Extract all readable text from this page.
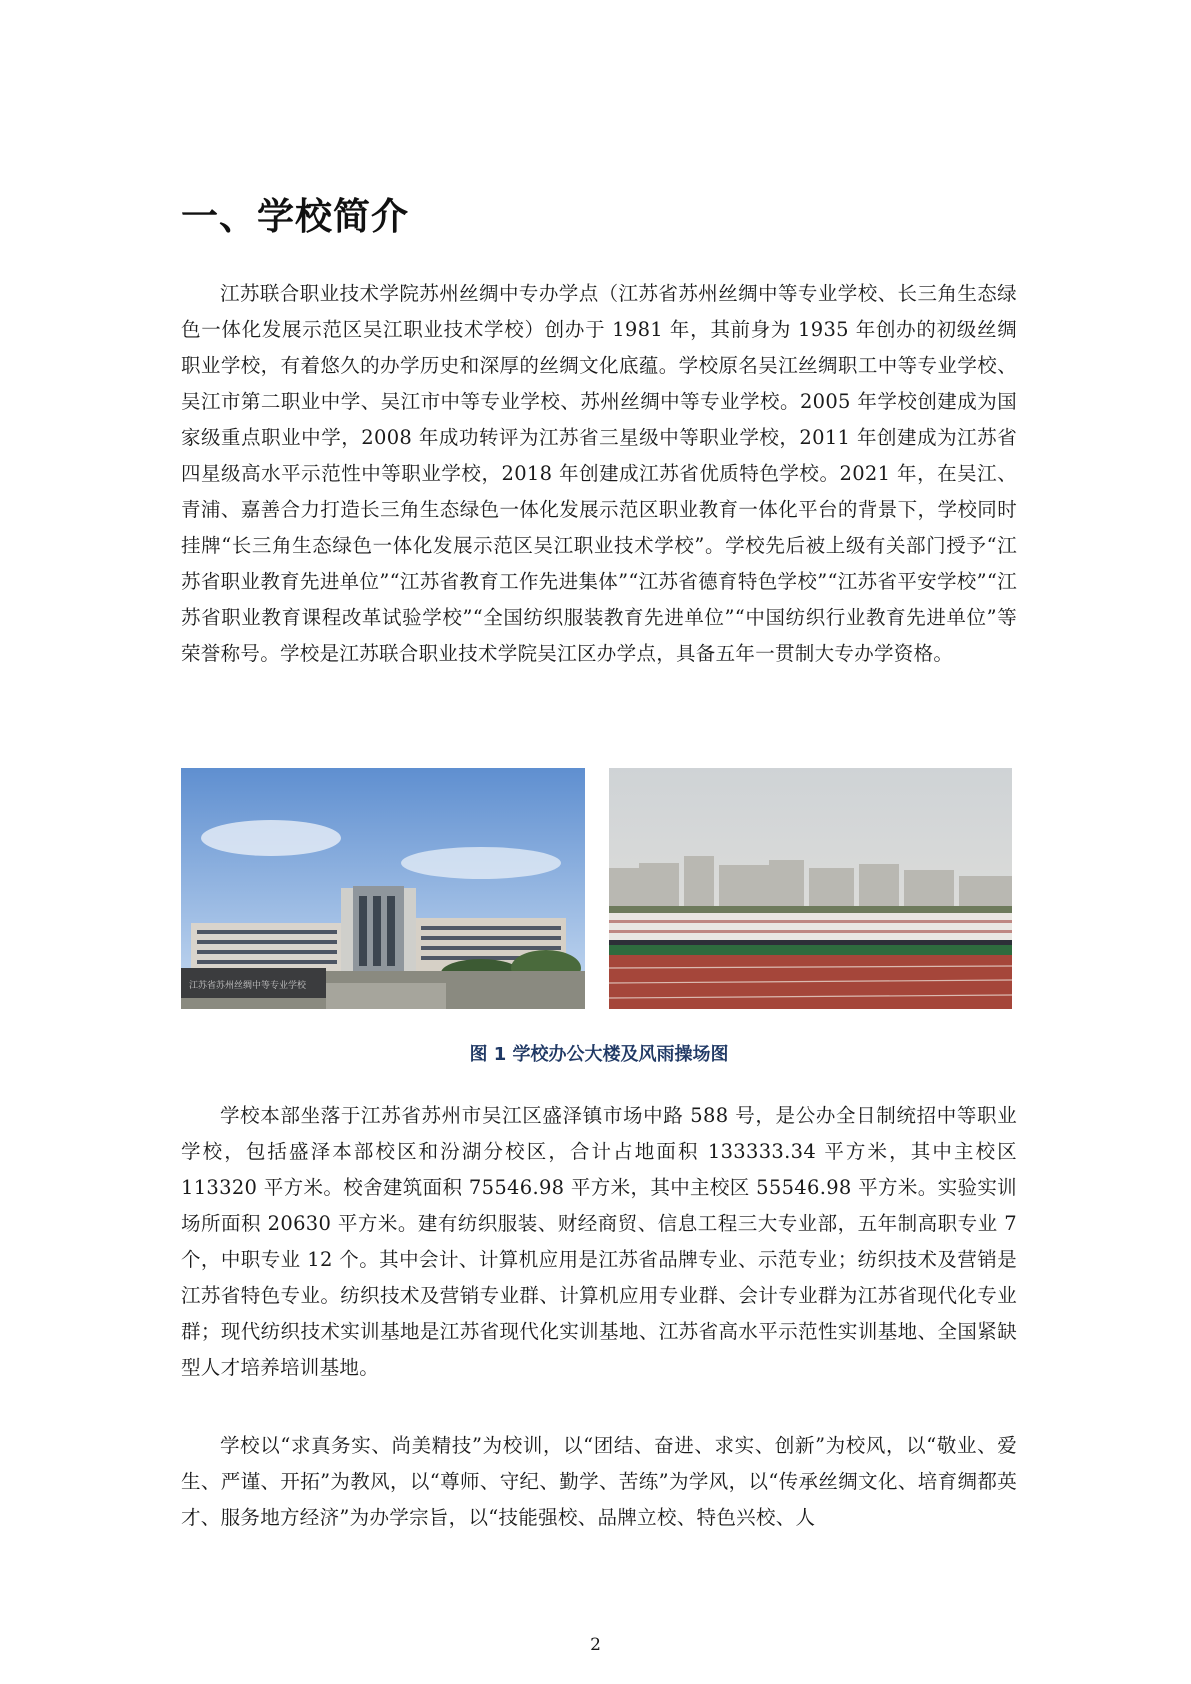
一、学校简介

江苏联合职业技术学院苏州丝绸中专办学点（江苏省苏州丝绸中等专业学校、长三角生态绿色一体化发展示范区吴江职业技术学校）创办于 1981 年，其前身为 1935 年创办的初级丝绸职业学校，有着悠久的办学历史和深厚的丝绸文化底蕴。学校原名吴江丝绸职工中等专业学校、吴江市第二职业中学、吴江市中等专业学校、苏州丝绸中等专业学校。2005 年学校创建成为国家级重点职业中学，2008 年成功转评为江苏省三星级中等职业学校，2011 年创建成为江苏省四星级高水平示范性中等职业学校，2018 年创建成江苏省优质特色学校。2021 年，在吴江、青浦、嘉善合力打造长三角生态绿色一体化发展示范区职业教育一体化平台的背景下，学校同时挂牌“长三角生态绿色一体化发展示范区吴江职业技术学校”。学校先后被上级有关部门授予“江苏省职业教育先进单位”“江苏省教育工作先进集体”“江苏省德育特色学校”“江苏省平安学校”“江苏省职业教育课程改革试验学校”“全国纺织服装教育先进单位”“中国纺织行业教育先进单位”等荣誉称号。学校是江苏联合职业技术学院吴江区办学点，具备五年一贯制大专办学资格。

江苏省苏州丝绸中等专业学校

图 1 学校办公大楼及风雨操场图

学校本部坐落于江苏省苏州市吴江区盛泽镇市场中路 588 号，是公办全日制统招中等职业学校，包括盛泽本部校区和汾湖分校区，合计占地面积 133333.34 平方米，其中主校区 113320 平方米。校舍建筑面积 75546.98 平方米，其中主校区 55546.98 平方米。实验实训场所面积 20630 平方米。建有纺织服装、财经商贸、信息工程三大专业部，五年制高职专业 7 个，中职专业 12 个。其中会计、计算机应用是江苏省品牌专业、示范专业；纺织技术及营销是江苏省特色专业。纺织技术及营销专业群、计算机应用专业群、会计专业群为江苏省现代化专业群；现代纺织技术实训基地是江苏省现代化实训基地、江苏省高水平示范性实训基地、全国紧缺型人才培养培训基地。

学校以“求真务实、尚美精技”为校训，以“团结、奋进、求实、创新”为校风，以“敬业、爱生、严谨、开拓”为教风，以“尊师、守纪、勤学、苦练”为学风，以“传承丝绸文化、培育绸都英才、服务地方经济”为办学宗旨，以“技能强校、品牌立校、特色兴校、人

2
